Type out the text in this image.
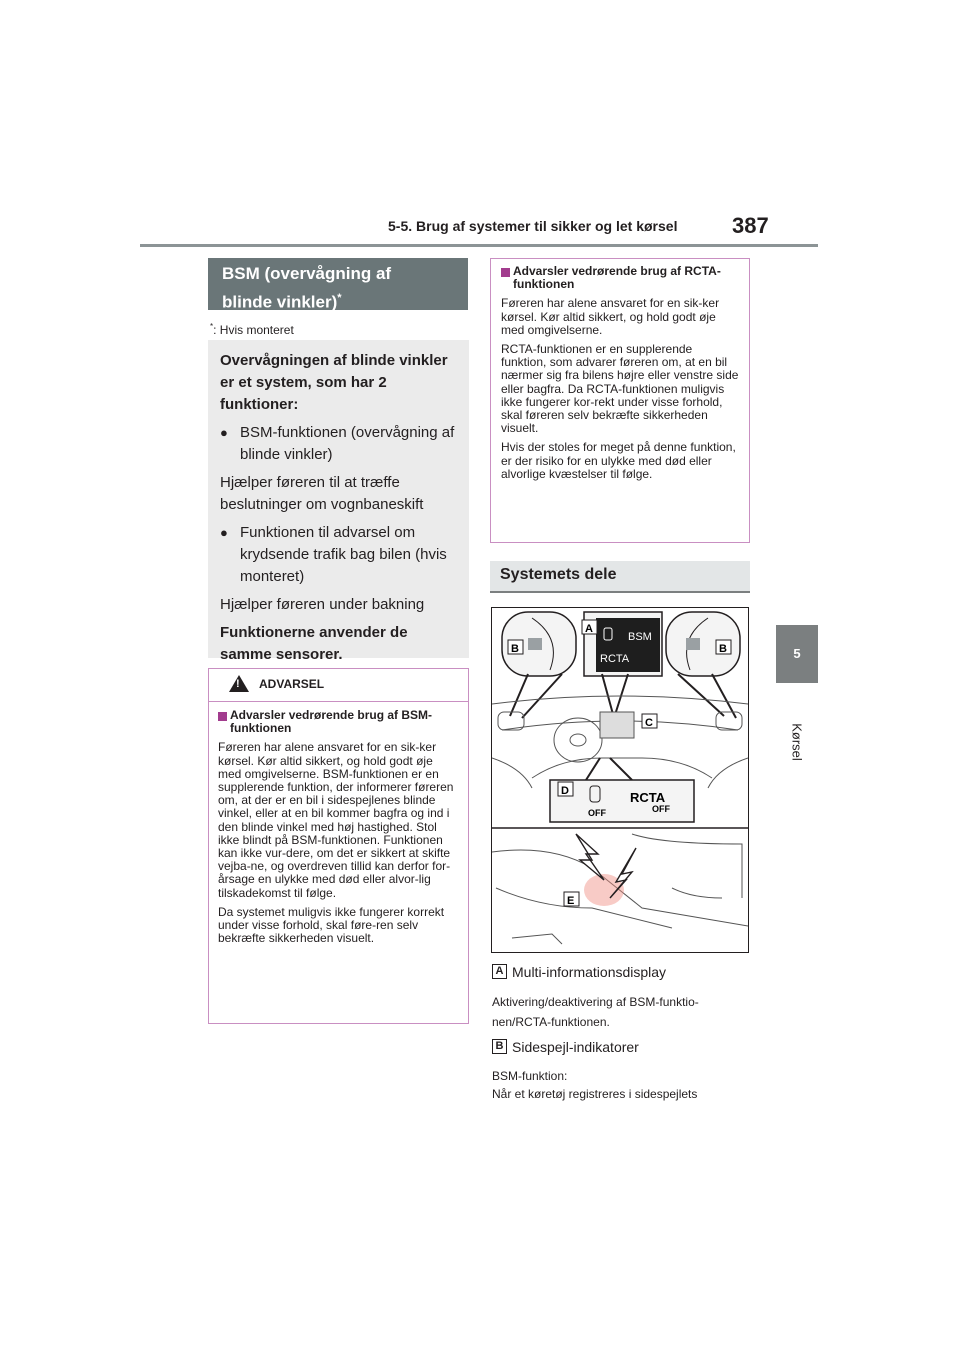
5-5. Brug af systemer til sikker og let kørsel 387
5
Kørsel
BSM (overvågning af
blinde vinkler)*
*: Hvis monteret

Overvågningen af blinde vinkler er et system, som har 2 funktioner:

● BSM-funktionen (overvågning af blinde vinkler)

Hjælper føreren til at træffe beslutninger om vognbaneskift

● Funktionen til advarsel om krydsende trafik bag bilen (hvis monteret)

Hjælper føreren under bakning

Funktionerne anvender de samme sensorer.

! ADVARSEL

Advarsler vedrørende brug af BSM-funktionen

Føreren har alene ansvaret for en sik-ker kørsel. Kør altid sikkert, og hold godt øje med omgivelserne. BSM-funktionen er en supplerende funktion, der informerer føreren om, at der er en bil i sidespejlenes blinde vinkel, eller at en bil kommer bagfra og ind i den blinde vinkel med høj hastighed. Stol ikke blindt på BSM-funktionen. Funktionen kan ikke vur-dere, om det er sikkert at skifte vejba-ne, og overdreven tillid kan derfor for-årsage en ulykke med død eller alvor-lig tilskadekomst til følge.

Da systemet muligvis ikke fungerer korrekt under visse forhold, skal føre-ren selv bekræfte sikkerheden visuelt.

Advarsler vedrørende brug af RCTA-funktionen

Føreren har alene ansvaret for en sik-ker kørsel. Kør altid sikkert, og hold godt øje med omgivelserne.

RCTA-funktionen er en supplerende funktion, som advarer føreren om, at en bil nærmer sig fra bilens højre eller venstre side eller bagfra. Da RCTA-funktionen muligvis ikke fungerer kor-rekt under visse forhold, skal føreren selv bekræfte sikkerheden visuelt.

Hvis der stoles for meget på denne funktion, er der risiko for en ulykke med død eller alvorlige kvæstelser til følge.

Systemets dele
BSM
RCTA
B	B
A
C
OFF
RCTA
OFF
D
E
A Multi-informationsdisplay
Aktivering/deaktivering af BSM-funktio-nen/RCTA-funktionen.
B Sidespejl-indikatorer
BSM-funktion:
Når et køretøj registreres i sidespejlets
